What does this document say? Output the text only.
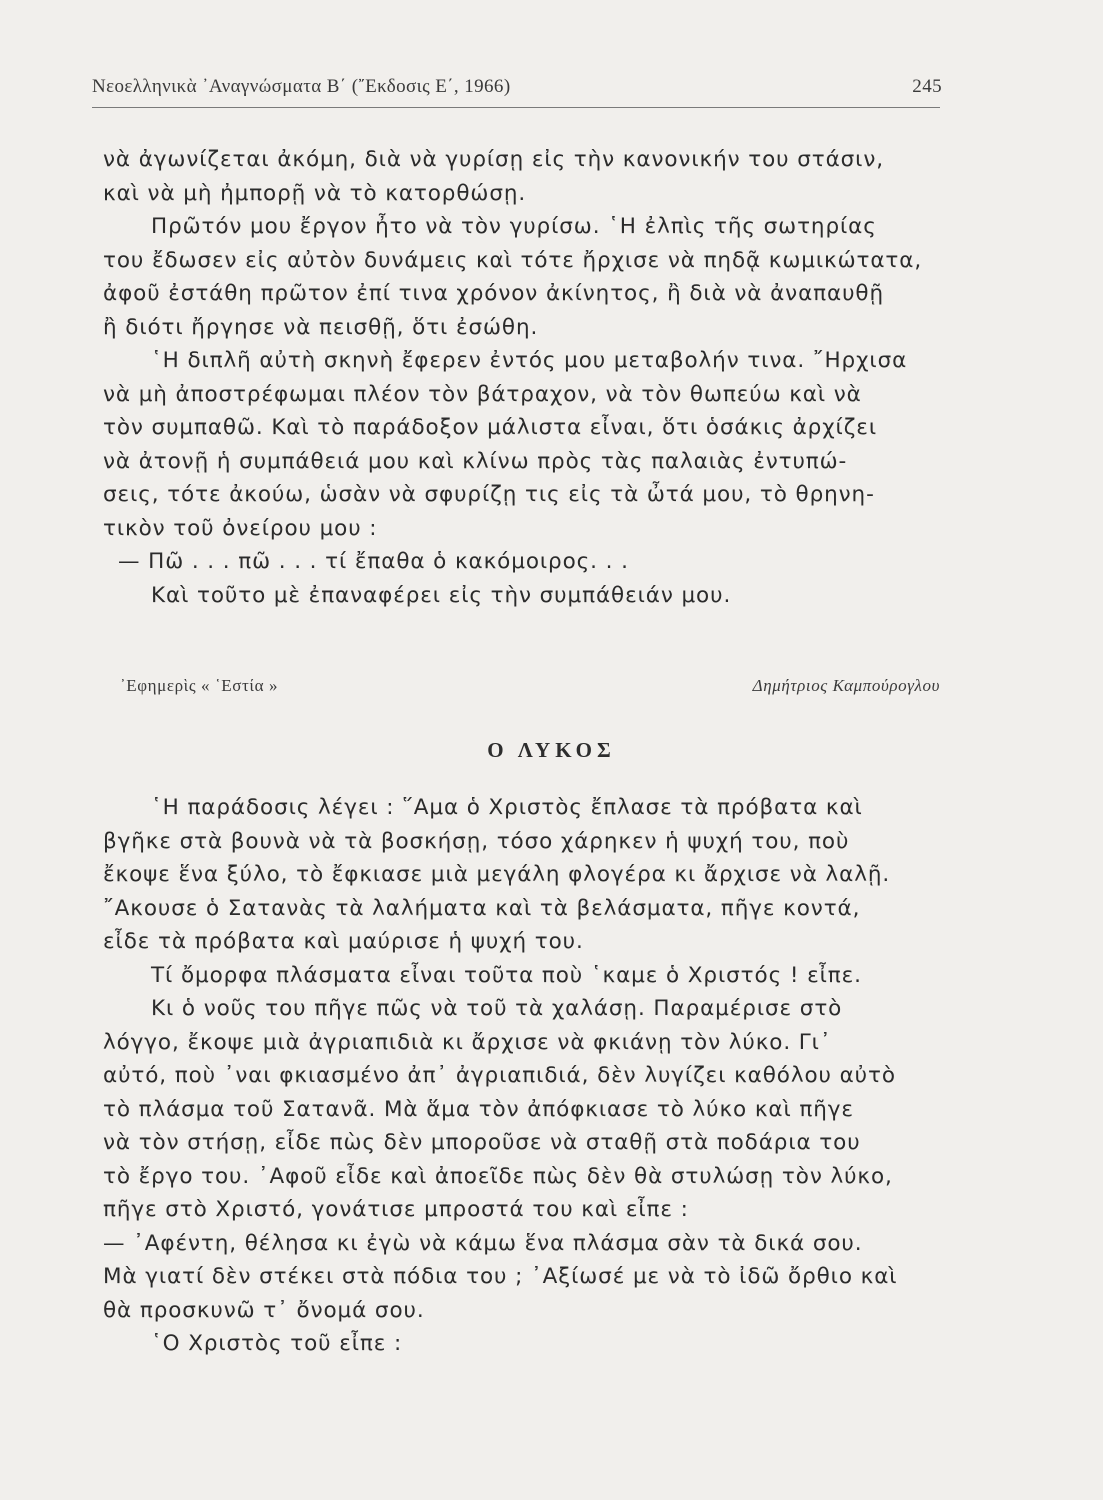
Νεοελληνικὰ ᾿Αναγνώσματα Β΄ (῎Εκδοσις Ε΄, 1966)	245
νὰ ἀγωνίζεται ἀκόμη, διὰ νὰ γυρίσῃ εἰς τὴν κανονικήν του στάσιν,
καὶ νὰ μὴ ἠμπορῇ νὰ τὸ κατορθώσῃ.
Πρῶτόν μου ἔργον ἦτο νὰ τὸν γυρίσω. ῾Η ἐλπὶς τῆς σωτηρίας
του ἔδωσεν εἰς αὐτὸν δυνάμεις καὶ τότε ἤρχισε νὰ πηδᾷ κωμικώτατα,
ἀφοῦ ἐστάθη πρῶτον ἐπί τινα χρόνον ἀκίνητος, ἢ διὰ νὰ ἀναπαυθῇ
ἢ διότι ἤργησε νὰ πεισθῇ, ὅτι ἐσώθη.
῾Η διπλῆ αὐτὴ σκηνὴ ἔφερεν ἐντός μου μεταβολήν τινα. ῎Ηρχισα
νὰ μὴ ἀποστρέφωμαι πλέον τὸν βάτραχον, νὰ τὸν θωπεύω καὶ νὰ
τὸν συμπαθῶ. Καὶ τὸ παράδοξον μάλιστα εἶναι, ὅτι ὁσάκις ἀρχίζει
νὰ ἀτονῇ ἡ συμπάθειά μου καὶ κλίνω πρὸς τὰς παλαιὰς ἐντυπώ-
σεις, τότε ἀκούω, ὡσὰν νὰ σφυρίζῃ τις εἰς τὰ ὦτά μου, τὸ θρηνη-
τικὸν τοῦ ὀνείρου μου :
— Πῶ . . . πῶ . . . τί ἔπαθα ὁ κακόμοιρος. . .
Καὶ τοῦτο μὲ ἐπαναφέρει εἰς τὴν συμπάθειάν μου.
᾿Εφημερὶς « ῾Εστία »	Δημήτριος Καμπούρογλου
Ο ΛΥΚΟΣ
῾Η παράδοσις λέγει : ῞Αμα ὁ Χριστὸς ἔπλασε τὰ πρόβατα καὶ
βγῆκε στὰ βουνὰ νὰ τὰ βοσκήσῃ, τόσο χάρηκεν ἡ ψυχή του, ποὺ
ἔκοψε ἕνα ξύλο, τὸ ἔφκιασε μιὰ μεγάλη φλογέρα κι ἄρχισε νὰ λαλῇ.
῎Ακουσε ὁ Σατανὰς τὰ λαλήματα καὶ τὰ βελάσματα, πῆγε κοντά,
εἶδε τὰ πρόβατα καὶ μαύρισε ἡ ψυχή του.
Τί ὄμορφα πλάσματα εἶναι τοῦτα ποὺ ῾καμε ὁ Χριστός ! εἶπε.
Κι ὁ νοῦς του πῆγε πῶς νὰ τοῦ τὰ χαλάσῃ. Παραμέρισε στὸ
λόγγο, ἔκοψε μιὰ ἀγριαπιδιὰ κι ἄρχισε νὰ φκιάνῃ τὸν λύκο. Γι᾿
αὐτό, ποὺ ᾿ναι φκιασμένο ἀπ᾿ ἀγριαπιδιά, δὲν λυγίζει καθόλου αὐτὸ
τὸ πλάσμα τοῦ Σατανᾶ. Μὰ ἅμα τὸν ἀπόφκιασε τὸ λύκο καὶ πῆγε
νὰ τὸν στήσῃ, εἶδε πὼς δὲν μποροῦσε νὰ σταθῇ στὰ ποδάρια του
τὸ ἔργο του. ᾿Αφοῦ εἶδε καὶ ἀποεῖδε πὼς δὲν θὰ στυλώσῃ τὸν λύκο,
πῆγε στὸ Χριστό, γονάτισε μπροστά του καὶ εἶπε :
— ᾿Αφέντη, θέλησα κι ἐγὼ νὰ κάμω ἕνα πλάσμα σὰν τὰ δικά σου.
Μὰ γιατί δὲν στέκει στὰ πόδια του ; ᾿Αξίωσέ με νὰ τὸ ἰδῶ ὄρθιο καὶ
θὰ προσκυνῶ τ᾿ ὄνομά σου.
῾Ο Χριστὸς τοῦ εἶπε :
